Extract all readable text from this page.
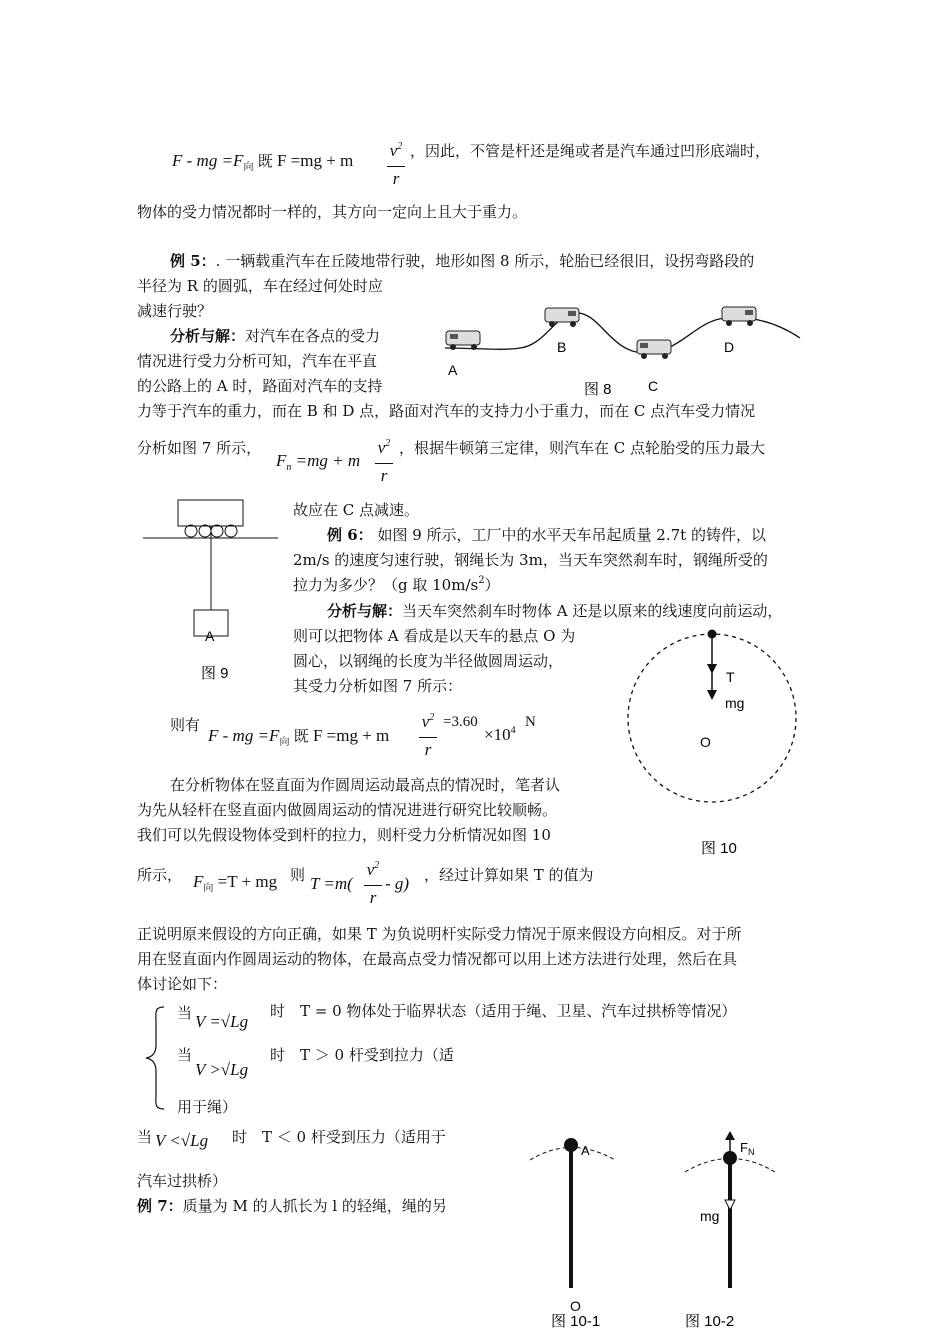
F - mg $=F_向$ 既 F =mg + m
$v^2$
r
，因此，不管是杆还是绳或者是汽车通过凹形底端时，
物体的受力情况都时一样的，其方向一定向上且大于重力。
例 5：. 一辆载重汽车在丘陵地带行驶，地形如图 8 所示，轮胎已经很旧，设拐弯路段的
半径为 R 的圆弧，车在经过何处时应
减速行驶？
分析与解：对汽车在各点的受力
情况进行受力分析可知，汽车在平直
的公路上的 A 时，路面对汽车的支持
力等于汽车的重力，而在 B 和 D 点，路面对汽车的支持力小于重力，而在 C 点汽车受力情况
分析如图 7 所示，
$F_n =mg + m$
$v^2$
r
，根据牛顿第三定律，则汽车在 C 点轮胎受的压力最大
故应在 C 点减速。
A
B
C
D
图 8
A
图 9
例 6： 如图 9 所示，工厂中的水平天车吊起质量 2.7t 的铸件，以
2m/s 的速度匀速行驶，钢绳长为 3m，当天车突然刹车时，钢绳所受的
拉力为多少？（g 取 $10m/s^2$）
分析与解：当天车突然刹车时物体 A 还是以原来的线速度向前运动，
则可以把物体 A 看成是以天车的悬点 O 为
圆心，以钢绳的长度为半径做圆周运动，
其受力分析如图 7 所示：
则有
F - mg $=F_向$ 既 F =mg + m
$v^2$
r
=3.60
$\times 10^4$
N
T
mg
O
图 10
在分析物体在竖直面为作圆周运动最高点的情况时，笔者认
为先从轻杆在竖直面内做圆周运动的情况进进行研究比较顺畅。
我们可以先假设物体受到杆的拉力，则杆受力分析情况如图 10
所示， $F_向 =T$ + mg 则 T =m(
$v^2$
r
- g) ，经过计算如果 T 的值为
正说明原来假设的方向正确，如果 T 为负说明杆实际受力情况于原来假设方向相反。对于所
用在竖直面内作圆周运动的物体，在最高点受力情况都可以用上述方法进行处理，然后在具
体讨论如下：
当 V =√Lg
时　T = 0 物体处于临界状态（适用于绳、卫星、汽车过拱桥等情况）
当
V >√Lg
时　T ＞ 0 杆受到拉力（适
用于绳）
当 V <√Lg 时　T ＜ 0 杆受到压力（适用于
汽车过拱桥）
例 7：质量为 M 的人抓长为 l 的轻绳，绳的另
A
O
图 10-1
$F_N$
mg
图 10-2
